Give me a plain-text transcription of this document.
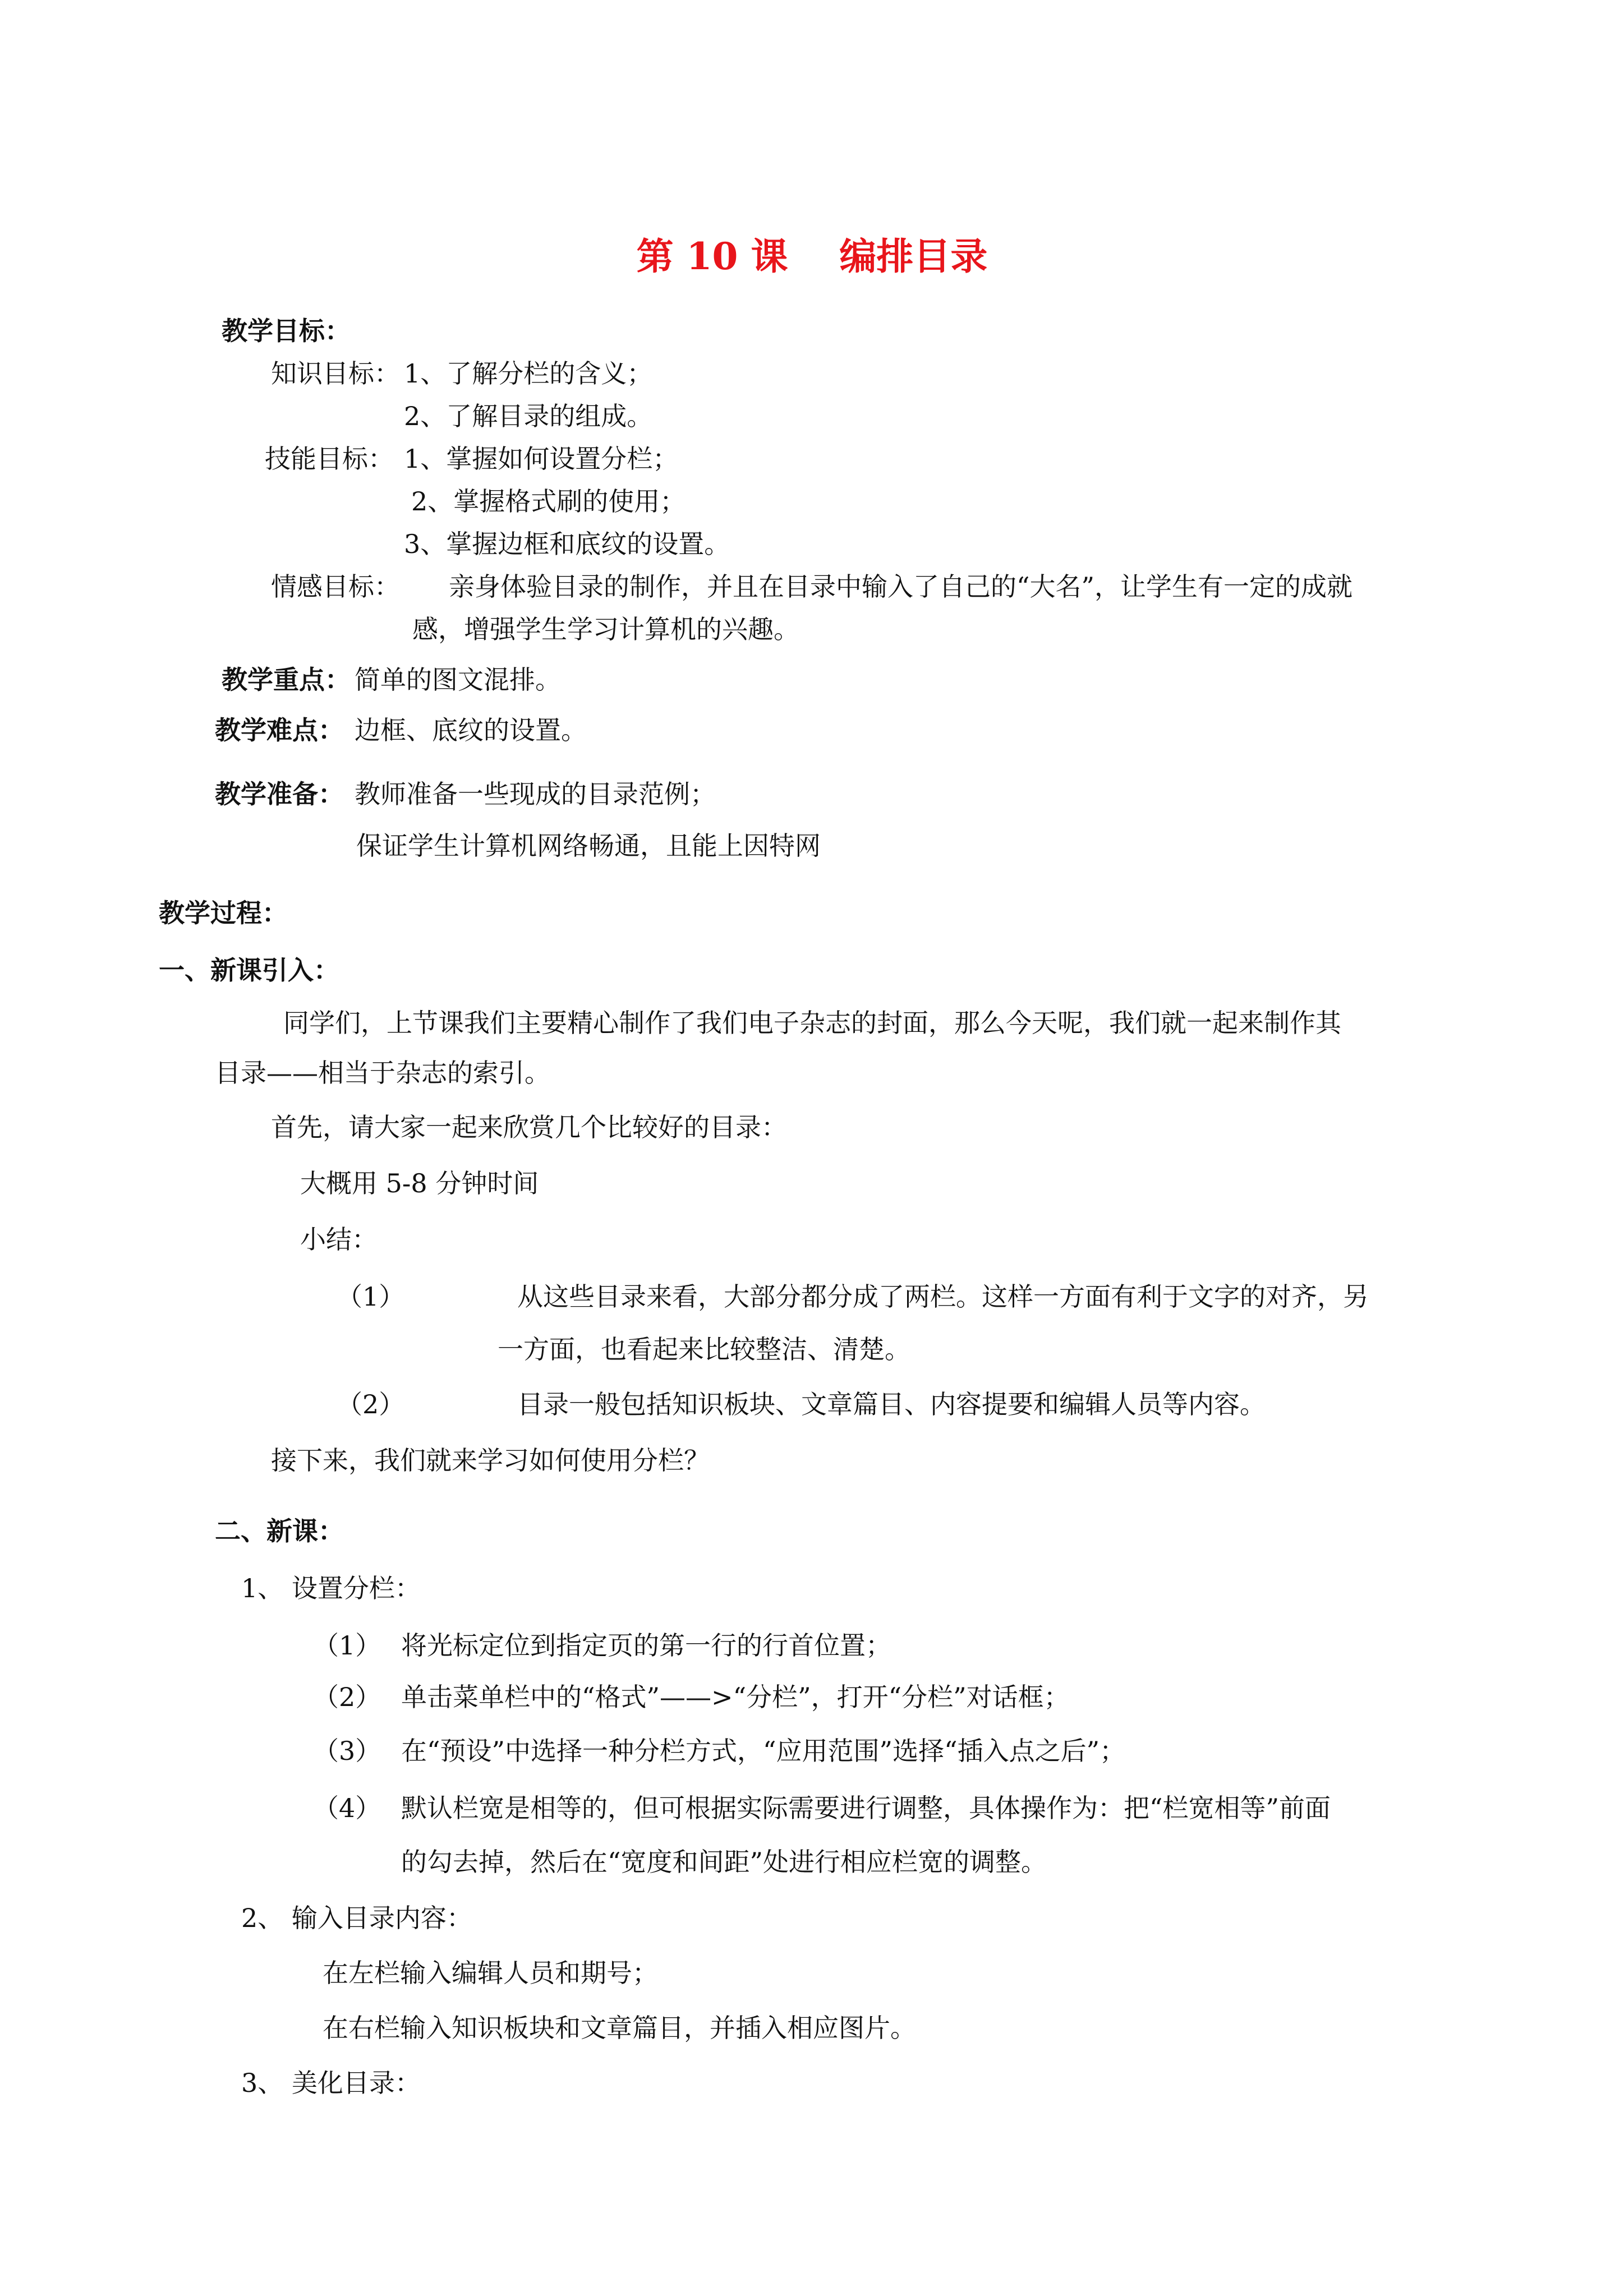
第 10 课    编排目录
教学目标：
知识目标： 1、了解分栏的含义；
2、了解目录的组成。
技能目标： 1、掌握如何设置分栏；
2、掌握格式刷的使用；
3、掌握边框和底纹的设置。
情感目标： 亲身体验目录的制作，并且在目录中输入了自己的“大名”，让学生有一定的成就
感，增强学生学习计算机的兴趣。
教学重点： 简单的图文混排。
教学难点： 边框、底纹的设置。
教学准备： 教师准备一些现成的目录范例；
保证学生计算机网络畅通，且能上因特网
教学过程：
一、新课引入：
同学们，上节课我们主要精心制作了我们电子杂志的封面，那么今天呢，我们就一起来制作其
目录——相当于杂志的索引。
首先，请大家一起来欣赏几个比较好的目录：
大概用 5-8 分钟时间
小结：
（1）	从这些目录来看，大部分都分成了两栏。这样一方面有利于文字的对齐，另
一方面，也看起来比较整洁、清楚。
（2）	目录一般包括知识板块、文章篇目、内容提要和编辑人员等内容。
接下来，我们就来学习如何使用分栏？
二、新课：
1、 设置分栏：
（1） 将光标定位到指定页的第一行的行首位置；
（2） 单击菜单栏中的“格式”——>“分栏”，打开“分栏”对话框；
（3） 在“预设”中选择一种分栏方式，“应用范围”选择“插入点之后”；
（4） 默认栏宽是相等的，但可根据实际需要进行调整，具体操作为：把“栏宽相等”前面
的勾去掉，然后在“宽度和间距”处进行相应栏宽的调整。
2、 输入目录内容：
在左栏输入编辑人员和期号；
在右栏输入知识板块和文章篇目，并插入相应图片。
3、 美化目录：
